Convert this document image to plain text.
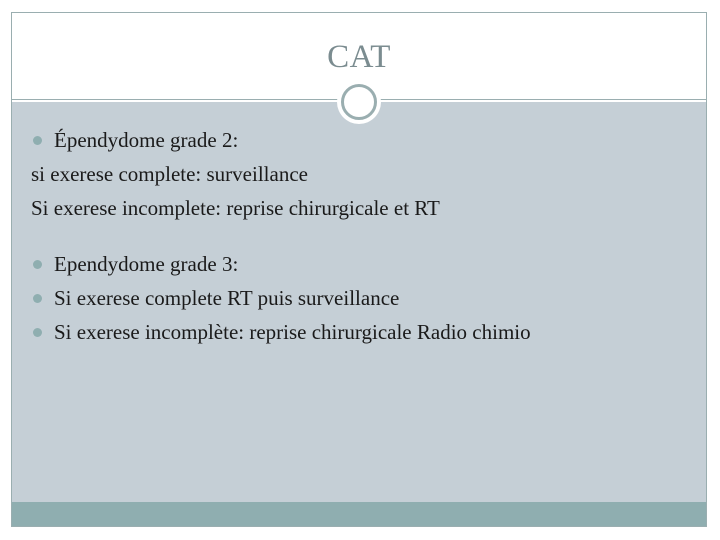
CAT
Épendydome grade 2:
si exerese complete: surveillance
Si exerese incomplete: reprise chirurgicale et RT
Ependydome grade 3:
Si exerese complete RT puis surveillance
Si exerese incomplète: reprise chirurgicale Radio chimio
